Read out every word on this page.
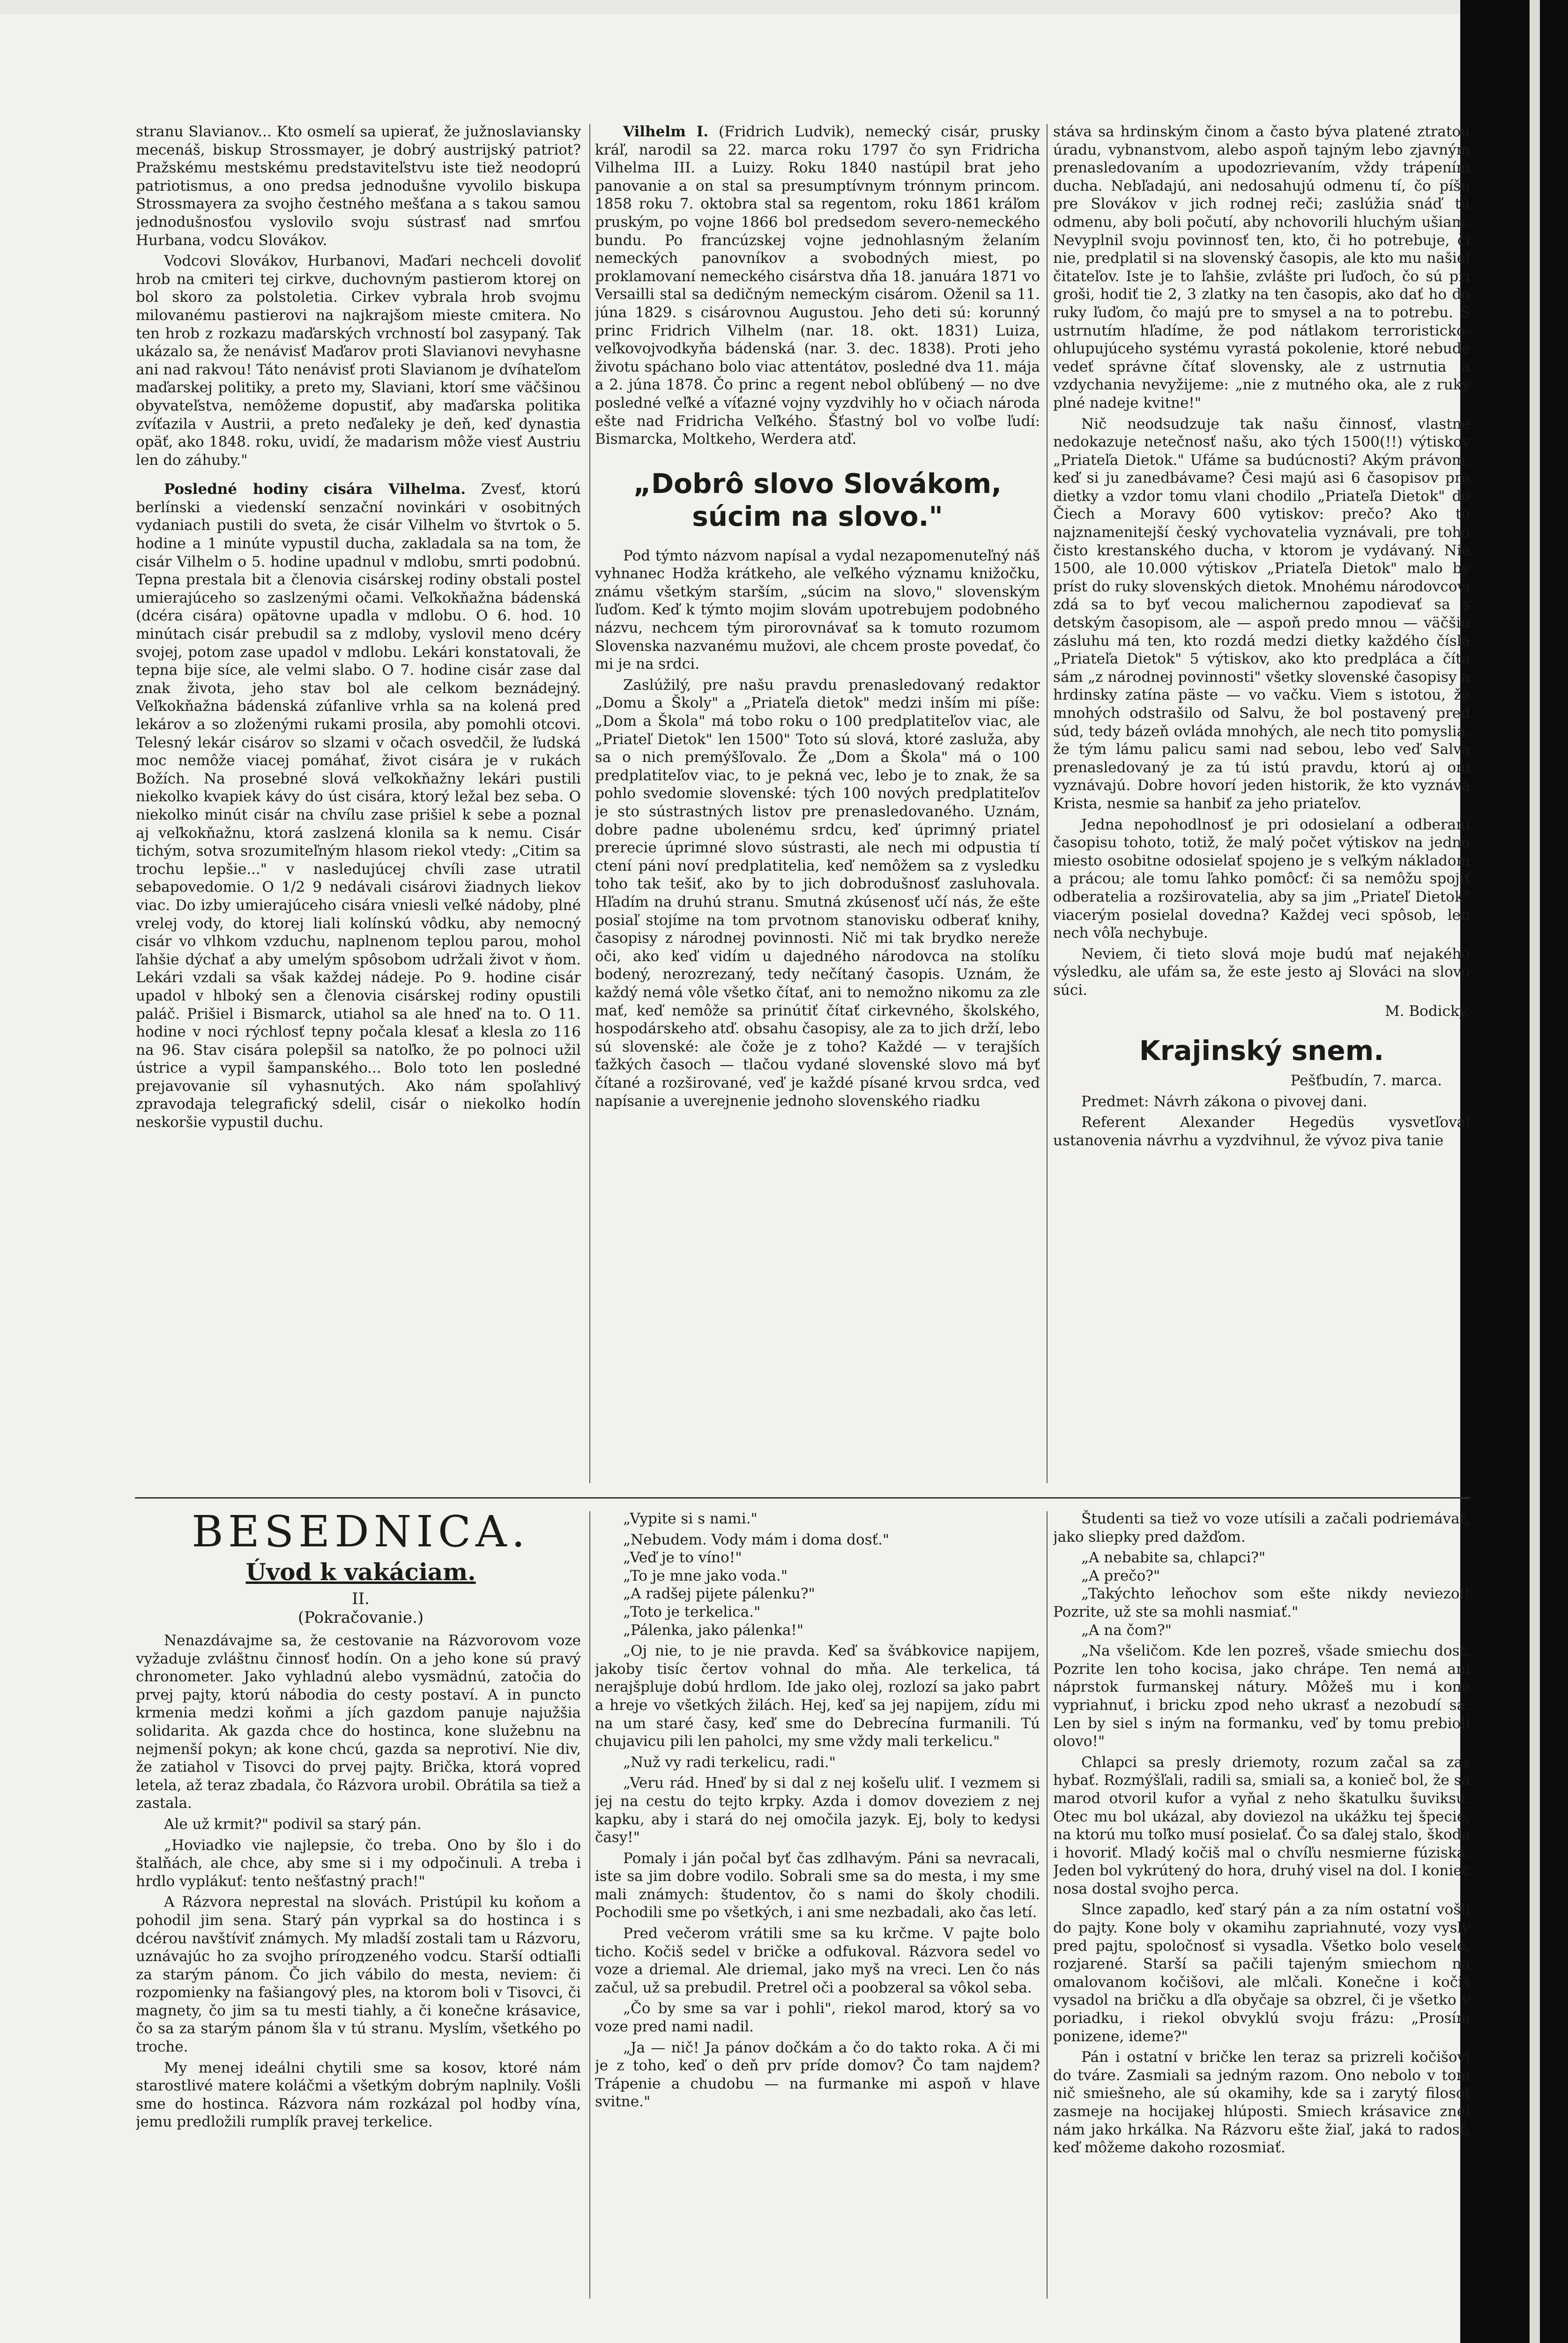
stranu Slavianov... Kto osmelí sa upierať, že južnoslaviansky mecenáš, biskup Strossmayer, je dobrý austrijský patriot? Pražskému mestskému predstaviteľstvu iste tiež neodoprú patriotismus, a ono predsa jednodušne vyvolilo biskupa Strossmayera za svojho čestného mešťana a s takou samou jednodušnosťou vyslovilo svoju sústrasť nad smrťou Hurbana, vodcu Slovákov.

Vodcovi Slovákov, Hurbanovi, Maďari nechceli dovoliť hrob na cmiteri tej cirkve, duchovným pastierom ktorej on bol skoro za polstoletia. Cirkev vybrala hrob svojmu milovanému pastierovi na najkrajšom mieste cmitera. No ten hrob z rozkazu maďarských vrchností bol zasypaný. Tak ukázalo sa, že nenávisť Maďarov proti Slavianovi nevyhasne ani nad rakvou! Táto nenávisť proti Slavianom je dvíhateľom maďarskej politiky, a preto my, Slaviani, ktorí sme väčšinou obyvateľstva, nemôžeme dopustiť, aby maďarska politika zvíťazila v Austrii, a preto neďaleky je deň, keď dynastia opäť, ako 1848. roku, uvidí, že madarism môže viesť Austriu len do záhuby."

Posledné hodiny cisára Vilhelma. Zvesť, ktorú berlínski a viedenskí senzační novinkári v osobitných vydaniach pustili do sveta, že cisár Vilhelm vo štvrtok o 5. hodine a 1 minúte vypustil ducha, zakladala sa na tom, že cisár Vilhelm o 5. hodine upadnul v mdlobu, smrti podobnú. Tepna prestala bit a členovia cisárskej rodiny obstali posteľ umierajúceho so zaslzenými očami. Veľkokňažna bádenská (dcéra cisára) opätovne upadla v mdlobu. O 6. hod. 10 minútach cisár prebudil sa z mdloby, vyslovil meno dcéry svojej, potom zase upadol v mdlobu. Lekári konstatovali, že tepna bije síce, ale velmi slabo. O 7. hodine cisár zase dal znak života, jeho stav bol ale celkom beznádejný. Veľkokňažna bádenská zúfanlive vrhla sa na kolená pred lekárov a so zloženými rukami prosila, aby pomohli otcovi. Telesný lekár cisárov so slzami v očach osvedčil, že ľudská moc nemôže viacej pomáhať, život cisára je v rukách Božích. Na prosebné slová veľkokňažny lekári pustili niekolko kvapiek kávy do úst cisára, ktorý ležal bez seba. O niekolko minút cisár na chvílu zase prišiel k sebe a poznal aj veľkokňažnu, ktorá zaslzená klonila sa k nemu. Cisár tichým, sotva srozumiteľným hlasom riekol vtedy: „Citim sa trochu lepšie..." v nasledujúcej chvíli zase utratil sebapovedomie. O 1/2 9 nedávali cisárovi žiadnych liekov viac. Do izby umierajúceho cisára vniesli veľké nádoby, plné vrelej vody, do ktorej liali kolínskú vôdku, aby nemocný cisár vo vlhkom vzduchu, naplnenom teplou parou, mohol ľahšie dýchať a aby umelým spôsobom udržali život v ňom. Lekári vzdali sa však každej nádeje. Po 9. hodine cisár upadol v hlboký sen a členovia cisárskej rodiny opustili paláč. Prišiel i Bismarck, utiahol sa ale hneď na to. O 11. hodine v noci rýchlosť tepny počala klesať a klesla zo 116 na 96. Stav cisára polepšil sa natoľko, že po polnoci užil ústrice a vypil šampanského... Bolo toto len posledné prejavovanie síl vyhasnutých. Ako nám spoľahlivý zpravodaja telegrafický sdelil, cisár o niekolko hodín neskoršie vypustil duchu.

Vilhelm I. (Fridrich Ludvik), nemecký cisár, prusky kráľ, narodil sa 22. marca roku 1797 čo syn Fridricha Vilhelma III. a Luizy. Roku 1840 nastúpil brat jeho panovanie a on stal sa presumptívnym trónnym princom. 1858 roku 7. oktobra stal sa regentom, roku 1861 kráľom pruským, po vojne 1866 bol predsedom severo-nemeckého bundu. Po francúzskej vojne jednohlasným želaním nemeckých panovníkov a svobodných miest, po proklamovaní nemeckého cisárstva dňa 18. januára 1871 vo Versailli stal sa dedičným nemeckým cisárom. Oženil sa 11. júna 1829. s cisárovnou Augustou. Jeho deti sú: korunný princ Fridrich Vilhelm (nar. 18. okt. 1831) Luiza, veľkovojvodkyňa bádenská (nar. 3. dec. 1838). Proti jeho životu spáchano bolo viac attentátov, posledné dva 11. mája a 2. júna 1878. Čo princ a regent nebol obľúbený — no dve posledné veľké a víťazné vojny vyzdvihly ho v očiach národa ešte nad Fridricha Veľkého. Šťastný bol vo voľbe ľudí: Bismarcka, Moltkeho, Werdera atď.

„Dobrô slovo Slovákom, súcim na slovo."

Pod týmto názvom napísal a vydal nezapomenuteľný náš vyhnanec Hodža krátkeho, ale veľkého významu knižočku, známu všetkým starším, „súcim na slovo," slovenským ľuďom. Keď k týmto mojim slovám upotrebujem podobného názvu, nechcem tým pirorovnávať sa k tomuto rozumom Slovenska nazvanému mužovi, ale chcem proste povedať, čo mi je na srdci.

Zaslúžilý, pre našu pravdu prenasledovaný redaktor „Domu a Školy" a „Priateľa dietok" medzi inším mi píše: „Dom a Škola" má tobo roku o 100 predplatiteľov viac, ale „Priateľ Dietok" len 1500" Toto sú slová, ktoré zasluža, aby sa o nich premýšľovalo. Že „Dom a Škola" má o 100 predplatiteľov viac, to je pekná vec, lebo je to znak, že sa pohlo svedomie slovenské: tých 100 nových predplatiteľov je sto sústrastných listov pre prenasledovaného. Uznám, dobre padne ubolenému srdcu, keď úprimný priateľ prerecie úprimné slovo sústrasti, ale nech mi odpustia tí ctení páni noví predplatitelia, keď nemôžem sa z vysledku toho tak tešiť, ako by to jich dobrodušnosť zasluhovala. Hľadím na druhú stranu. Smutná zkúsenosť učí nás, že ešte posiaľ stojíme na tom prvotnom stanovisku odberať knihy, časopisy z národnej povinnosti. Nič mi tak brydko nereže oči, ako keď vidím u dajedného národovca na stolíku bodený, nerozrezaný, tedy nečítaný časopis. Uznám, že každý nemá vôle všetko čítať, ani to nemožno nikomu za zle mať, keď nemôže sa prinútiť čítať cirkevného, školského, hospodárskeho atď. obsahu časopisy, ale za to jich drží, lebo sú slovenské: ale čože je z toho? Každé — v terajších ťažkých časoch — tlačou vydané slovenské slovo má byť čítané a rozširované, veď je každé písané krvou srdca, veď napísanie a uverejnenie jednoho slovenského riadku

stáva sa hrdinským činom a často býva platené ztratou úradu, vybnanstvom, alebo aspoň tajným lebo zjavným prenasledovaním a upodozrievaním, vždy trápením ducha. Nebľadajú, ani nedosahujú odmenu tí, čo píšu pre Slovákov v jich rodnej reči; zaslúžia snáď tú odmenu, aby boli počutí, aby nchovorili hluchým ušiam. Nevyplnil svoju povinnosť ten, kto, či ho potrebuje, či nie, predplatil si na slovenský časopis, ale kto mu našiel čitateľov. Iste je to ľahšie, zvlášte pri ľuďoch, čo sú pri groši, hodiť tie 2, 3 zlatky na ten časopis, ako dať ho do ruky ľuďom, čo majú pre to smysel a na to potrebu. S ustrnutím hľadíme, že pod nátlakom terroristicko-ohlupujúceho systému vyrastá pokolenie, ktoré nebude vedeť správne čítať slovensky, ale z ustrnutia a vzdychania nevyžijeme: „nie z mutného oka, ale z ruky plné nadeje kvitne!"

Nič neodsudzuje tak našu činnosť, vlastne nedokazuje netečnosť našu, ako tých 1500(!!) výtiskov „Priateľa Dietok." Ufáme sa budúcnosti? Akým právom, keď si ju zanedbávame? Česi majú asi 6 časopisov pre dietky a vzdor tomu vlani chodilo „Priateľa Dietok" do Čiech a Moravy 600 vytiskov: prečo? Ako to najznamenitejší český vychovatelia vyznávali, pre toho čisto krestanského ducha, v ktorom je vydávaný. Nie 1500, ale 10.000 výtiskov „Priateľa Dietok" malo by príst do ruky slovenských dietok. Mnohému národovcovi zdá sa to byť vecou malichernou zapodievať sa s detským časopisom, ale — aspoň predo mnou — väčšiu zásluhu má ten, kto rozdá medzi dietky každého čísla „Priateľa Dietok" 5 výtiskov, ako kto predpláca a číta sám „z národnej povinnosti" všetky slovenské časopisy a hrdinsky zatína päste — vo vačku. Viem s istotou, že mnohých odstrašilo od Salvu, že bol postavený pred súd, tedy bázeň ovláda mnohých, ale nech tito pomyslia, že tým lámu palicu sami nad sebou, lebo veď Salva prenasledovaný je za tú istú pravdu, ktorú aj oni vyznávajú. Dobre hovorí jeden historik, že kto vyznáva Krista, nesmie sa hanbiť za jeho priateľov.

Jedna nepohodlnosť je pri odosielaní a odberaní časopisu tohoto, totiž, že malý počet výtiskov na jedno miesto osobitne odosielať spojeno je s veľkým nákladom a prácou; ale tomu ľahko pomôcť: či sa nemôžu spojiť odberatelia a rozširovatelia, aby sa jim „Priateľ Dietok" viacerým posielal dovedna? Každej veci spôsob, len nech vôľa nechybuje.

Neviem, či tieto slová moje budú mať nejakého výsledku, ale ufám sa, že este jesto aj Slováci na slovo súci.

M. Bodický.

Krajinský snem.

Pešťbudín, 7. marca.

Predmet: Návrh zákona o pivovej dani.

Referent Alexander Hegedüs vysvetľoval ustanovenia návrhu a vyzdvihnul, že vývoz piva tanie

BESEDNICA.
Úvod k vakáciam.
II.
(Pokračovanie.)

Nenazdávajme sa, že cestovanie na Rázvorovom voze vyžaduje zvláštnu činnosť hodín. On a jeho kone sú pravý chronometer. Jako vyhladnú alebo vysmädnú, zatočia do prvej pajty, ktorú nábodia do cesty postaví. A in puncto krmenia medzi koňmi a jích gazdom panuje najužšia solidarita. Ak gazda chce do hostinca, kone služebnu na nejmenší pokyn; ak kone chcú, gazda sa neprotiví. Nie div, že zatiahol v Tisovci do prvej pajty. Brička, ktorá vopred letela, až teraz zbadala, čo Rázvora urobil. Obrátila sa tiež a zastala.

Ale už krmit?" podivil sa starý pán.

„Hoviadko vie najlepsie, čo treba. Ono by šlo i do štalňách, ale chce, aby sme si i my odpočinuli. A treba i hrdlo vyplákuť: tento nešťastný prach!"

A Rázvora neprestal na slovách. Pristúpil ku koňom a pohodil jim sena. Starý pán vyprkal sa do hostinca i s dcérou navštíviť známych. My mladší zostali tam u Rázvoru, uznávajúc ho za svojho príroдzeného vodcu. Starší odtiaľli za starým pánom. Čo jich vábilo do mesta, neviem: či rozpomienky na fašiangový ples, na ktorom boli v Tisovci, či magnety, čo jim sa tu mesti tiahly, a či konečne krásavice, čo sa za starým pánom šla v tú stranu. Myslím, všetkého po troche.

My menej ideálni chytili sme sa kosov, ktoré nám starostlivé matere koláčmi a všetkým dobrým naplnily. Vošli sme do hostinca. Rázvora nám rozkázal pol hodby vína, jemu predložili rumplík pravej terkelice.

„Vypite si s nami."

„Nebudem. Vody mám i doma dosť."

„Veď je to víno!"

„To je mne jako voda."

„A radšej pijete pálenku?"

„Toto je terkelica."

„Pálenka, jako pálenka!"

„Oj nie, to je nie pravda. Keď sa švábkovice napijem, jakoby tisíc čertov vohnal do mňa. Ale terkelica, tá nerajšpluje dobú hrdlom. Ide jako olej, rozlozí sa jako pabrt a hreje vo všetkých žilách. Hej, keď sa jej napijem, zídu mi na um staré časy, keď sme do Debrecína furmanili. Tú chujavicu pili len paholci, my sme vždy mali terkelicu."

„Nuž vy radi terkelicu, radi."

„Veru rád. Hneď by si dal z nej košeľu uliť. I vezmem si jej na cestu do tejto krpky. Azda i domov doveziem z nej kapku, aby i stará do nej omočila jazyk. Ej, boly to kedysi časy!"

Pomaly i ján počal byť čas zdlhavým. Páni sa nevracali, iste sa jim dobre vodilo. Sobrali sme sa do mesta, i my sme mali známych: študentov, čo s nami do školy chodili. Pochodili sme po všetkých, i ani sme nezbadali, ako čas letí.

Pred večerom vrátili sme sa ku krčme. V pajte bolo ticho. Kočiš sedel v bričke a odfukoval. Rázvora sedel vo voze a driemal. Ale driemal, jako myš na vreci. Len čo nás začul, už sa prebudil. Pretrel oči a poobzeral sa vôkol seba.

„Čo by sme sa var i pohli", riekol marod, ktorý sa vo voze pred nami nadil.

„Ja — nič! Ja pánov dočkám a čo do takto roka. A či mi je z toho, keď o deň prv príde domov? Čo tam najdem? Trápenie a chudobu — na furmanke mi aspoň v hlave svitne."

Študenti sa tiež vo voze utísili a začali podriemávať, jako sliepky pred dažďom.

„A nebabite sa, chlapci?"

„A prečo?"

„Takýchto leňochov som ešte nikdy neviezol! Pozrite, už ste sa mohli nasmiať."

„A na čom?"

„Na všeličom. Kde len pozreš, všade smiechu dosť. Pozrite len toho kocisa, jako chrápe. Ten nemá ani náprstok furmanskej nátury. Môžeš mu i kone vypriahnuť, i bricku zpod neho ukrasť a nezobudí sa. Len by siel s iným na formanku, veď by tomu prebiolí olovo!"

Chlapci sa presly driemoty, rozum začal sa zas hybať. Rozmýšľali, radili sa, smiali sa, a konieč bol, že sa marod otvoril kufor a vyňal z neho škatulku šuviksu. Otec mu bol ukázal, aby doviezol na ukážku tej špecie, na ktorú mu toľko musí posielať. Čo sa ďalej stalo, škoda i hovoriť. Mladý kočiš mal o chvíľu nesmierne fúziská. Jeden bol vykrútený do hora, druhý visel na dol. I koniec nosa dostal svojho perca.

Slnce zapadlo, keď starý pán a za ním ostatní vošli do pajty. Kone boly v okamihu zapriahnuté, vozy vysly pred pajtu, spoločnosť si vysadla. Všetko bolo veselé, rozjarené. Starší sa pačili tajeným smiechom na omalovanom kočišovi, ale mlčali. Konečne i kočiš vysadol na bričku a dľa obyčaje sa obzrel, či je všetko v poriadku, i riekol obvyklú svoju frázu: „Prosím ponizene, ideme?"

Pán i ostatní v bričke len teraz sa prizreli kočišovi do tváre. Zasmiali sa jedným razom. Ono nebolo v tom nič smiešneho, ale sú okamihy, kde sa i zarytý filosof zasmeje na hocijakej hlúposti. Smiech krásavice zneľ nám jako hrkálka. Na Rázvoru ešte žiaľ, jaká to radosť, keď môžeme dakoho rozosmiať.
